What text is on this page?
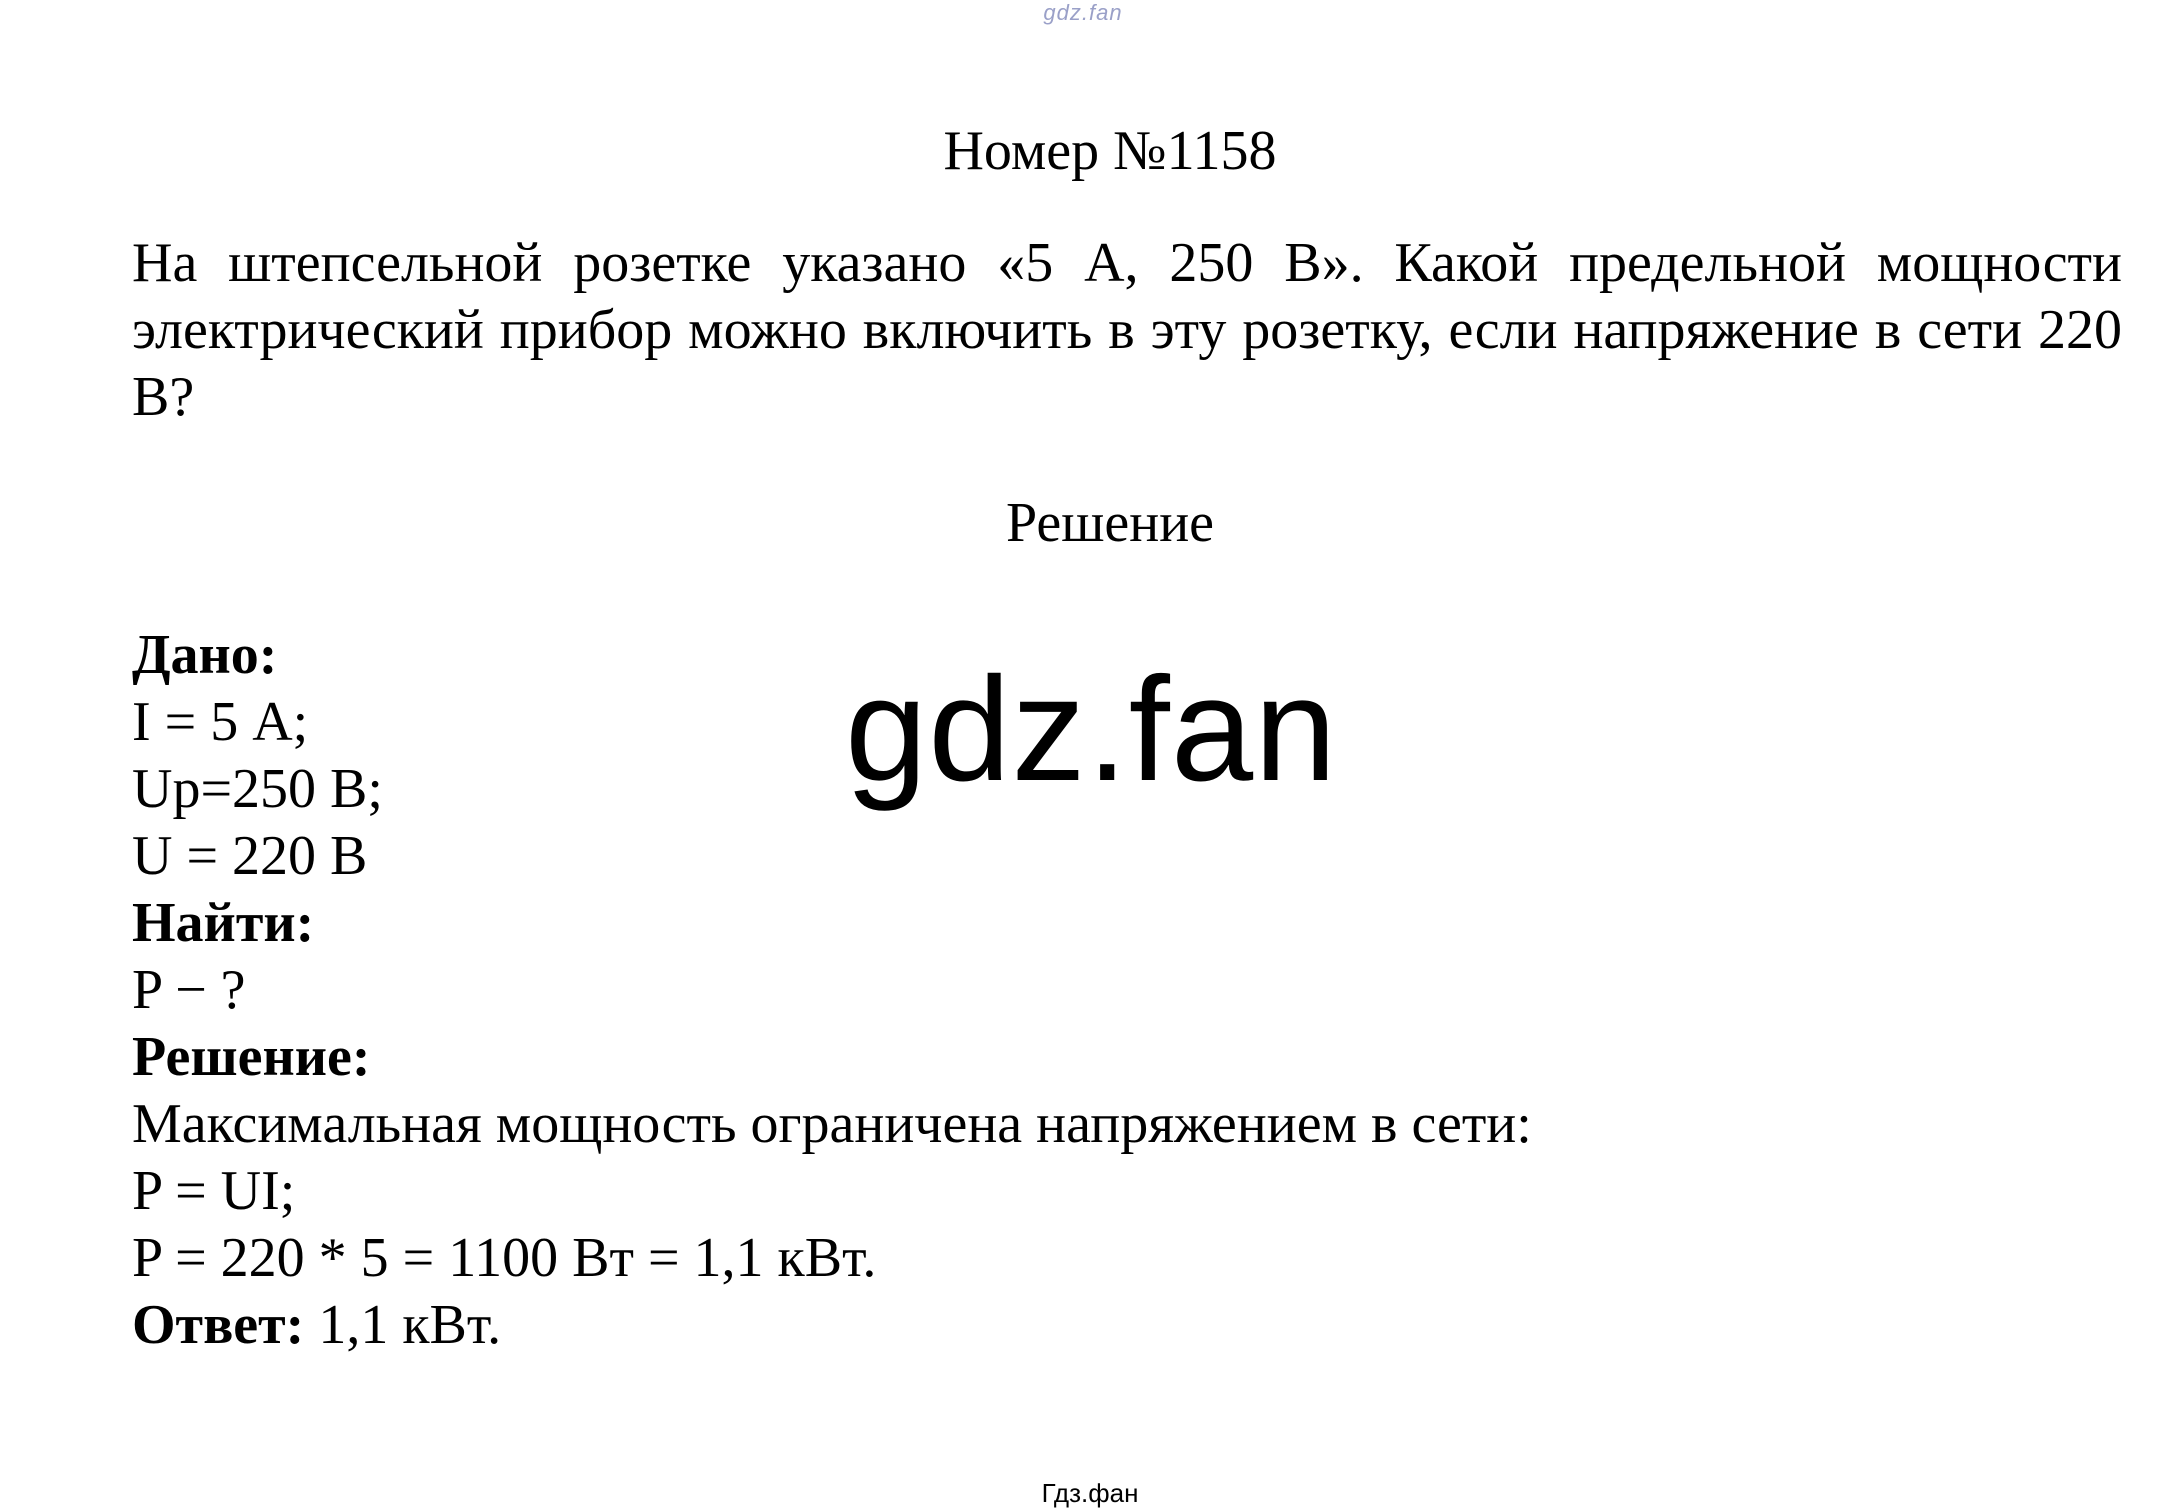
gdz.fan
Номер №1158
На штепсельной розетке указано «5 А, 250 В». Какой предельной мощности электрический прибор можно включить в эту розетку, если напряжение в сети 220 В?
Решение
Дано:
I = 5 А;
Uр=250 В;
U = 220 В
Найти:
P − ?
Решение:
Максимальная мощность ограничена напряжением в сети:
P = UI;
P = 220 * 5 = 1100 Вт = 1,1 кВт.
Ответ: 1,1 кВт.
gdz.fan
Гдз.фан
